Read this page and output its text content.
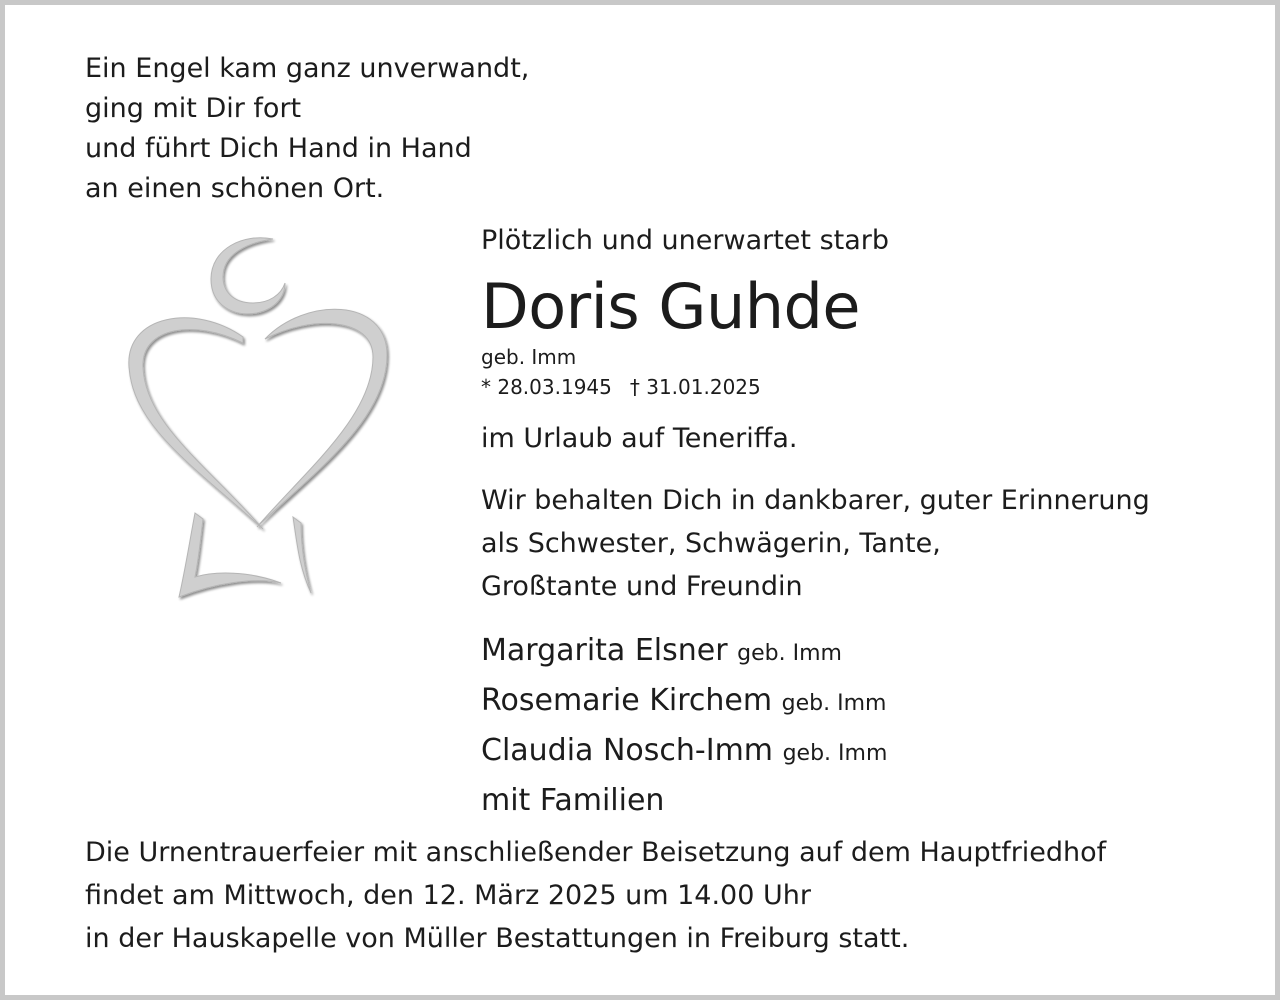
Ein Engel kam ganz unverwandt,
ging mit Dir fort
und führt Dich Hand in Hand
an einen schönen Ort.
Plötzlich und unerwartet starb
Doris Guhde
geb. Imm
* 28.03.1945 † 31.01.2025
im Urlaub auf Teneriffa.
Wir behalten Dich in dankbarer, guter Erinnerung
als Schwester, Schwägerin, Tante,
Großtante und Freundin
Margarita Elsner geb. Imm
Rosemarie Kirchem geb. Imm
Claudia Nosch-Imm geb. Imm
mit Familien
Die Urnentrauerfeier mit anschließender Beisetzung auf dem Hauptfriedhof
findet am Mittwoch, den 12. März 2025 um 14.00 Uhr
in der Hauskapelle von Müller Bestattungen in Freiburg statt.
